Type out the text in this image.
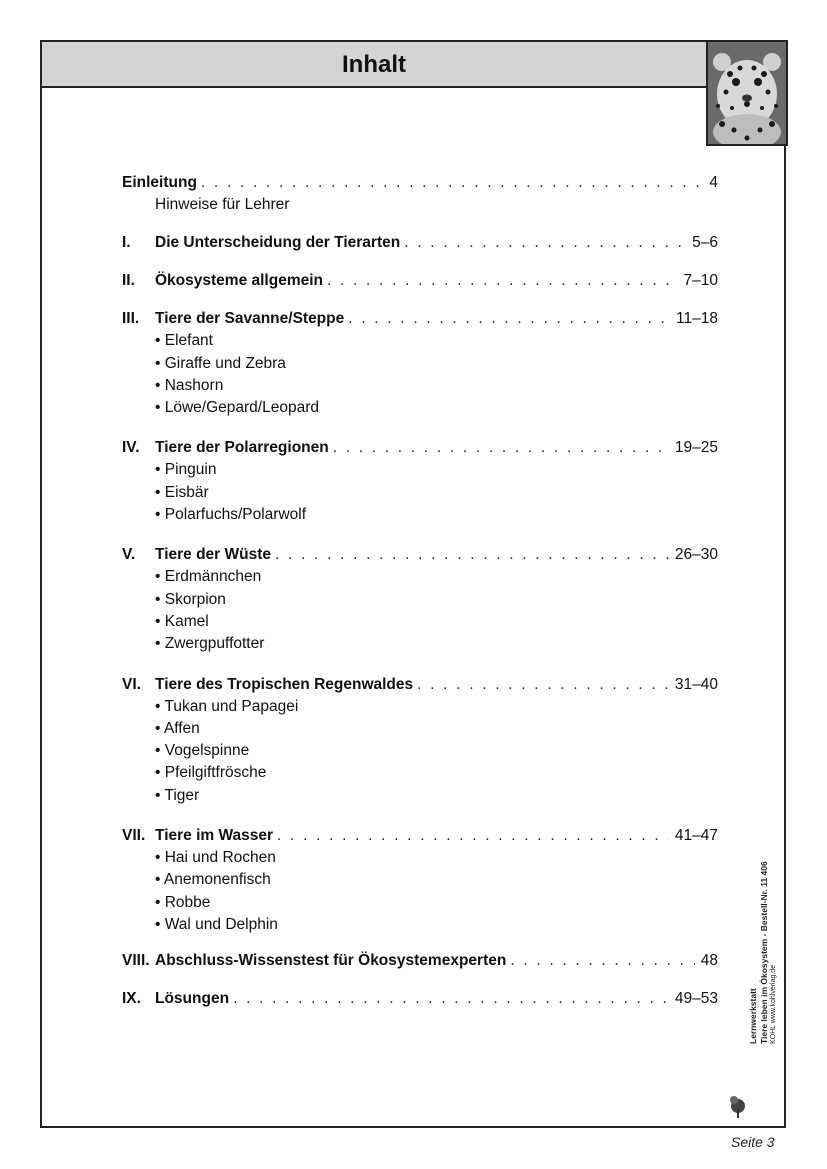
Inhalt
Einleitung . . .	4
Hinweise für Lehrer
I.	Die Unterscheidung der Tierarten . . .	5–6
II.	Ökosysteme allgemein . . .	7–10
III.	Tiere der Savanne/Steppe . . .	11–18
• Elefant
• Giraffe und Zebra
• Nashorn
• Löwe/Gepard/Leopard
IV. Tiere der Polarregionen . . .	19–25
• Pinguin
• Eisbär
• Polarfuchs/Polarwolf
V.	Tiere der Wüste . . .	26–30
• Erdmännchen
• Skorpion
• Kamel
• Zwergpuffotter
VI. Tiere des Tropischen Regenwaldes . . .	31–40
• Tukan und Papagei
• Affen
• Vogelspinne
• Pfeilgiftfrösche
• Tiger
VII. Tiere im Wasser . . .	41–47
• Hai und Rochen
• Anemonenfisch
• Robbe
• Wal und Delphin
VIII. Abschluss-Wissenstest für Ökosystemexperten . . .	48
IX. Lösungen . . .	49–53	Lernwerkstatt Tiere leben im Ökosystem - Bestell-Nr. 11 406
KOHL www.kohlverlag.de
Seite 3
